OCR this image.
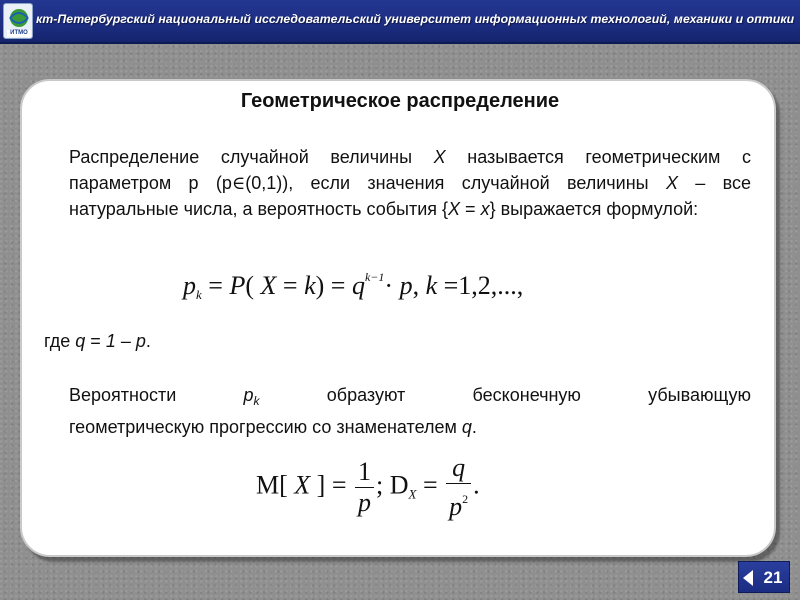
ИТМО
кт-Петербургский национальный исследовательский университет информационных технологий, механики и оптики
Геометрическое распределение
Распределение случайной величины X называется геометрическим с параметром p (p∈(0,1)), если значения случайной величины X – все натуральные числа, а вероятность события {X = x} выражается формулой:
$p_k = P$( $X = k) = q^{k-1}\cdot p$, k =1,2,...,
где q = 1 – p.
Вероятности $p_k$ образуют бесконечную убывающую
геометрическую прогрессию со знаменателем q.
M[ X ] = $\frac{1}{p}$ ; $D_X = \frac{q}{p^2}$ .
21
